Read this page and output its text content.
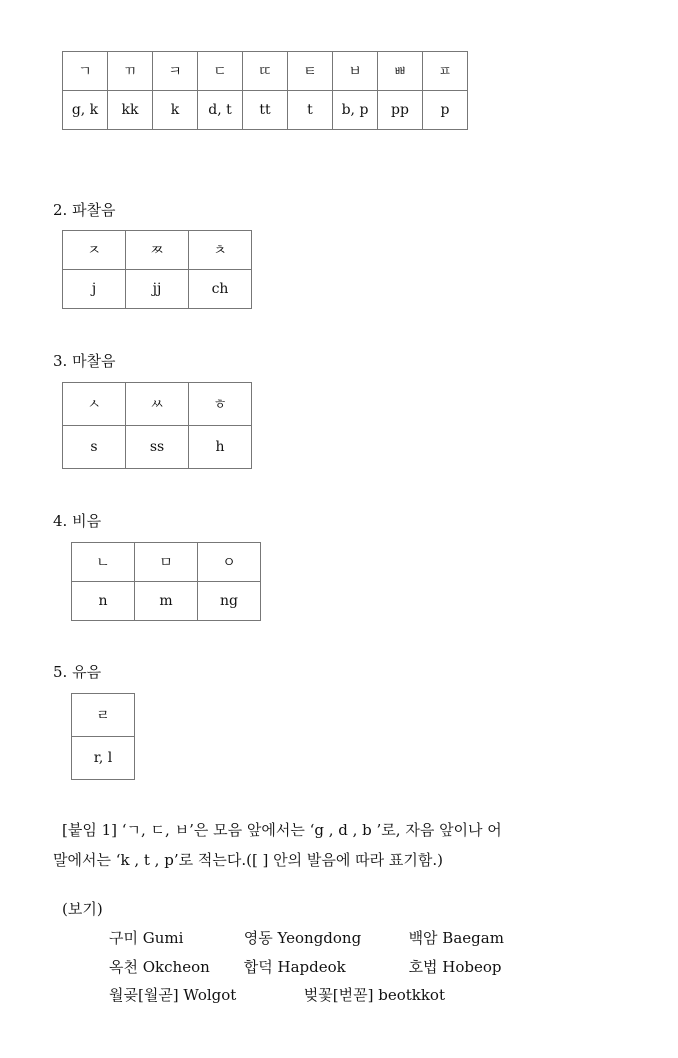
ㄱ	ㄲ	ㅋ	ㄷ	ㄸ	ㅌ	ㅂ	ㅃ	ㅍ
g, k	kk	k	d, t	tt	t	b, p	pp	p
2. 파찰음
ㅈ	ㅉ	ㅊ
j	jj	ch
3. 마찰음
ㅅ	ㅆ	ㅎ
s	ss	h
4. 비음
ㄴ	ㅁ	ㅇ
n	m	ng
5. 유음
ㄹ
r, l
[붙임 1] ‘ㄱ, ㄷ, ㅂ’은 모음 앞에서는 ‘g , d , b ’로, 자음 앞이나 어
말에서는 ‘k , t , p’로 적는다.([ ] 안의 발음에 따라 표기함.)
(보기)
구미 Gumi	영동 Yeongdong	백암 Baegam
옥천 Okcheon 합덕 Hapdeok	호법 Hobeop
월곶[월곧] Wolgot	벚꽃[벋꼳] beotkkot
